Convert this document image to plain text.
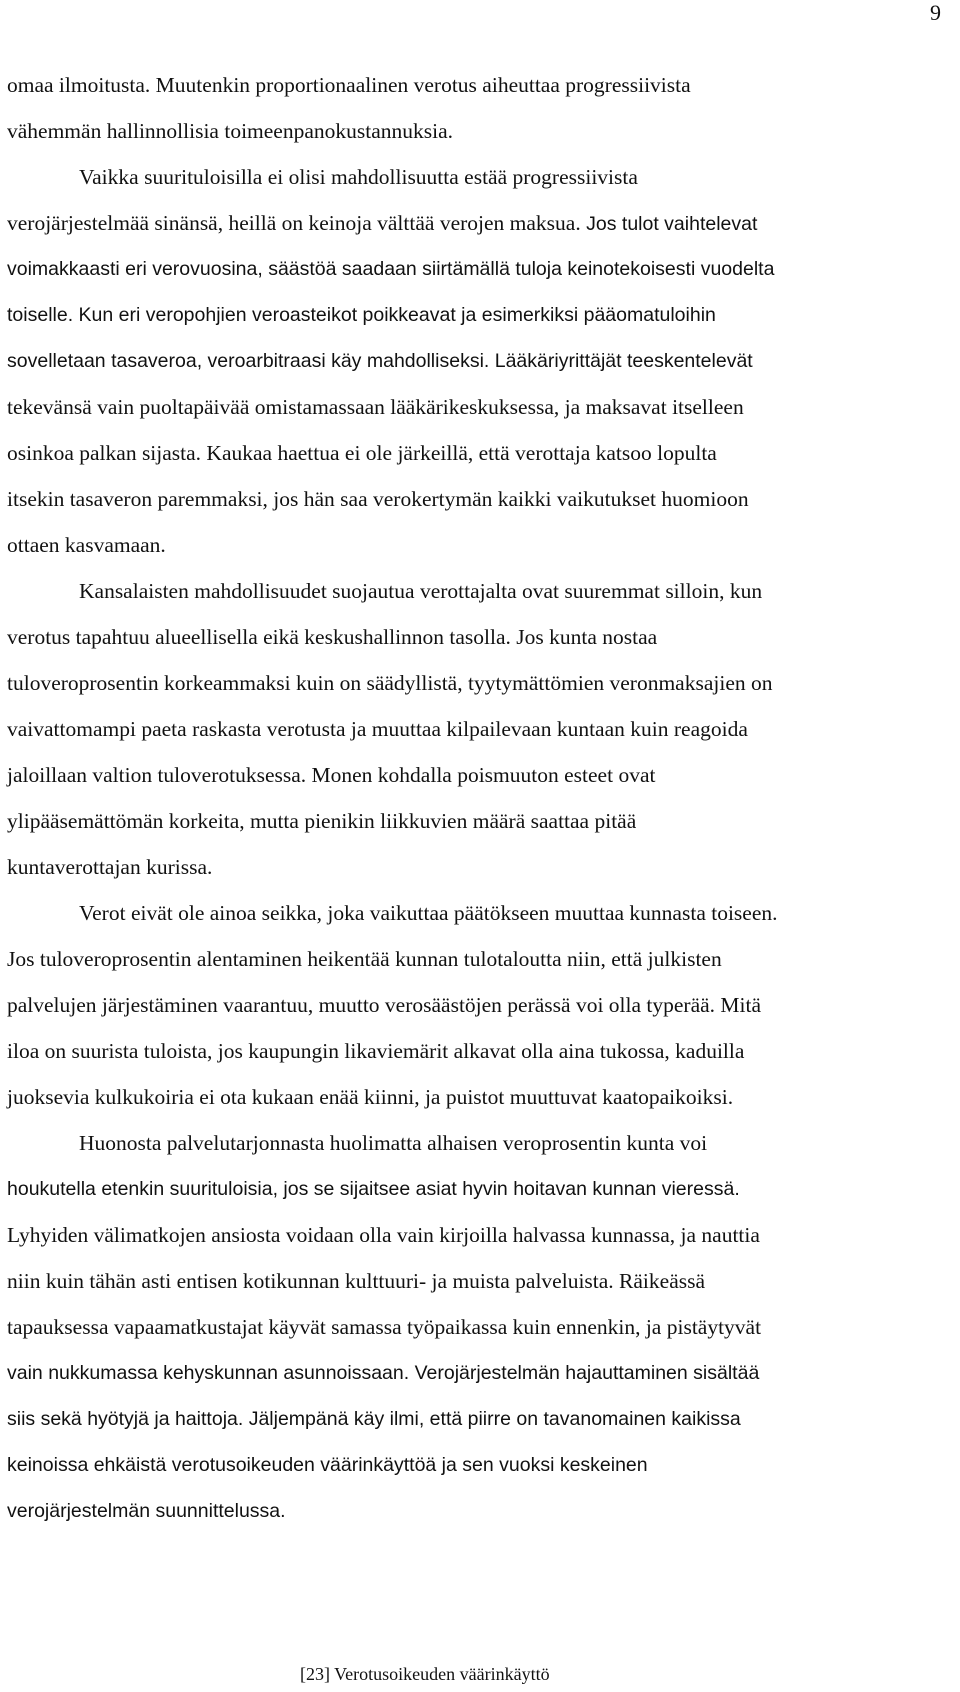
9
omaa ilmoitusta. Muutenkin proportionaalinen verotus aiheuttaa progressiivista
vähemmän hallinnollisia toimeenpanokustannuksia.
Vaikka suurituloisilla ei olisi mahdollisuutta estää progressiivista
verojärjestelmää sinänsä, heillä on keinoja välttää verojen maksua. Jos tulot vaihtelevat
voimakkaasti eri verovuosina, säästöä saadaan siirtämällä tuloja keinotekoisesti vuodelta
toiselle. Kun eri veropohjien veroasteikot poikkeavat ja esimerkiksi pääomatuloihin
sovelletaan tasaveroa, veroarbitraasi käy mahdolliseksi. Lääkäriyrittäjät teeskentelevät
tekevänsä vain puoltapäivää omistamassaan lääkärikeskuksessa, ja maksavat itselleen
osinkoa palkan sijasta. Kaukaa haettua ei ole järkeillä, että verottaja katsoo lopulta
itsekin tasaveron paremmaksi, jos hän saa verokertymän kaikki vaikutukset huomioon
ottaen kasvamaan.
Kansalaisten mahdollisuudet suojautua verottajalta ovat suuremmat silloin, kun
verotus tapahtuu alueellisella eikä keskushallinnon tasolla. Jos kunta nostaa
tuloveroprosentin korkeammaksi kuin on säädyllistä, tyytymättömien veronmaksajien on
vaivattomampi paeta raskasta verotusta ja muuttaa kilpailevaan kuntaan kuin reagoida
jaloillaan valtion tuloverotuksessa. Monen kohdalla poismuuton esteet ovat
ylipääsemättömän korkeita, mutta pienikin liikkuvien määrä saattaa pitää
kuntaverottajan kurissa.
Verot eivät ole ainoa seikka, joka vaikuttaa päätökseen muuttaa kunnasta toiseen.
Jos tuloveroprosentin alentaminen heikentää kunnan tulotaloutta niin, että julkisten
palvelujen järjestäminen vaarantuu, muutto verosäästöjen perässä voi olla typerää. Mitä
iloa on suurista tuloista, jos kaupungin likaviemärit alkavat olla aina tukossa, kaduilla
juoksevia kulkukoiria ei ota kukaan enää kiinni, ja puistot muuttuvat kaatopaikoiksi.
Huonosta palvelutarjonnasta huolimatta alhaisen veroprosentin kunta voi
houkutella etenkin suurituloisia, jos se sijaitsee asiat hyvin hoitavan kunnan vieressä.
Lyhyiden välimatkojen ansiosta voidaan olla vain kirjoilla halvassa kunnassa, ja nauttia
niin kuin tähän asti entisen kotikunnan kulttuuri- ja muista palveluista. Räikeässä
tapauksessa vapaamatkustajat käyvät samassa työpaikassa kuin ennenkin, ja pistäytyvät
vain nukkumassa kehyskunnan asunnoissaan. Verojärjestelmän hajauttaminen sisältää
siis sekä hyötyjä ja haittoja. Jäljempänä käy ilmi, että piirre on tavanomainen kaikissa
keinoissa ehkäistä verotusoikeuden väärinkäyttöä ja sen vuoksi keskeinen
verojärjestelmän suunnittelussa.
[23] Verotusoikeuden väärinkäyttö
